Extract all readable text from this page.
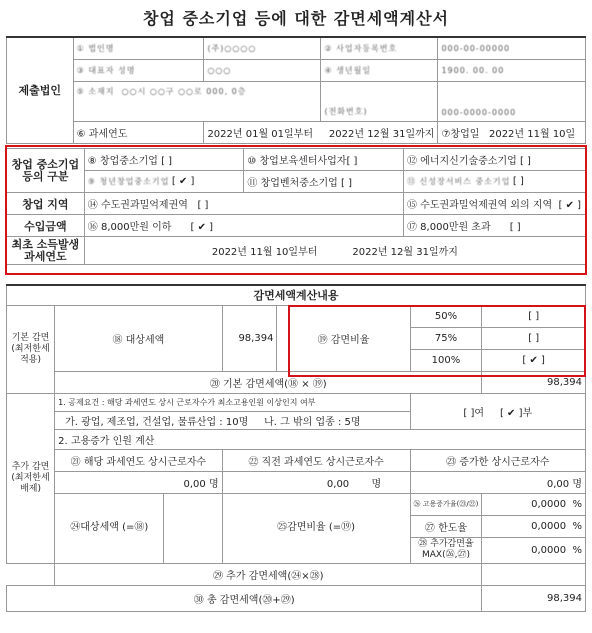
창업 중소기업 등에 대한 감면세액계산서
제출법인	① 법인명	(주)○○○○	② 사업자등록번호	000-00-00000
	③ 대표자 성명	○○○	④ 생년월일	1900. 00. 00
	⑤ 소재지 ○○시 ○○구 ○○로 000, 0층		(전화번호)	000-0000-0000
	⑥ 과세연도	2022년 01월 01일부터 2022년 12월 31일까지		⑦창업일 2022년 11월 10일
창업 중소기업 등의 구분	⑧ 창업중소기업 [ ]	⑩ 창업보육센터사업자[ ]	⑫ 에너지신기술중소기업 [ ]
	⑨ 청년창업중소기업 [ ✔ ]	⑪ 창업벤처중소기업 [ ]	⑬ 신성장서비스 중소기업 [ ]
창업 지역	⑭ 수도권과밀억제권역 [ ]		⑮ 수도권과밀억제권역 외의 지역 [ ✔ ]
수입금액	⑯ 8,000만원 이하 [ ✔ ]		⑰ 8,000만원 초과 [ ]
최초 소득발생 과세연도	2022년 11월 10일부터 2022년 12월 31일까지		
감면세액계산내용						
기본 감면 (최저한세 적용)	⑱ 대상세액		98,394	⑲ 감면비율	50%	[ ]
					75%	[ ]
					100%	[ ✔ ]
	⑳ 기본 감면세액(⑱ × ⑲)					98,394
추가 감면 (최저한세 배제)	1. 공제요건 : 해당 과세연도 상시 근로자수가 최소고용인원 이상인지 여부				[ ]여 [ ✔ ]부	
	가. 광업, 제조업, 건설업, 물류산업 : 10명 나. 그 밖의 업종 : 5명					
	2. 고용증가 인원 계산					
	㉑ 해당 과세연도 상시근로자수		㉒ 직전 과세연도 상시근로자수		㉓ 증가한 상시근로자수	
	0,00 명		0,00 명		0,00 명	
	㉔대상세액 (=⑱)		㉕감면비율 (=⑲)		㉖ 고용증가율(㉓/㉒)	0,0000 %
					㉗ 한도율	0,0000 %
					㉘ 추가감면율 MAX(㉖,㉗)	0,0000 %
	㉙ 추가 감면세액(㉔×㉘)					
㉚ 총 감면세액(⑳+㉙)						98,394
